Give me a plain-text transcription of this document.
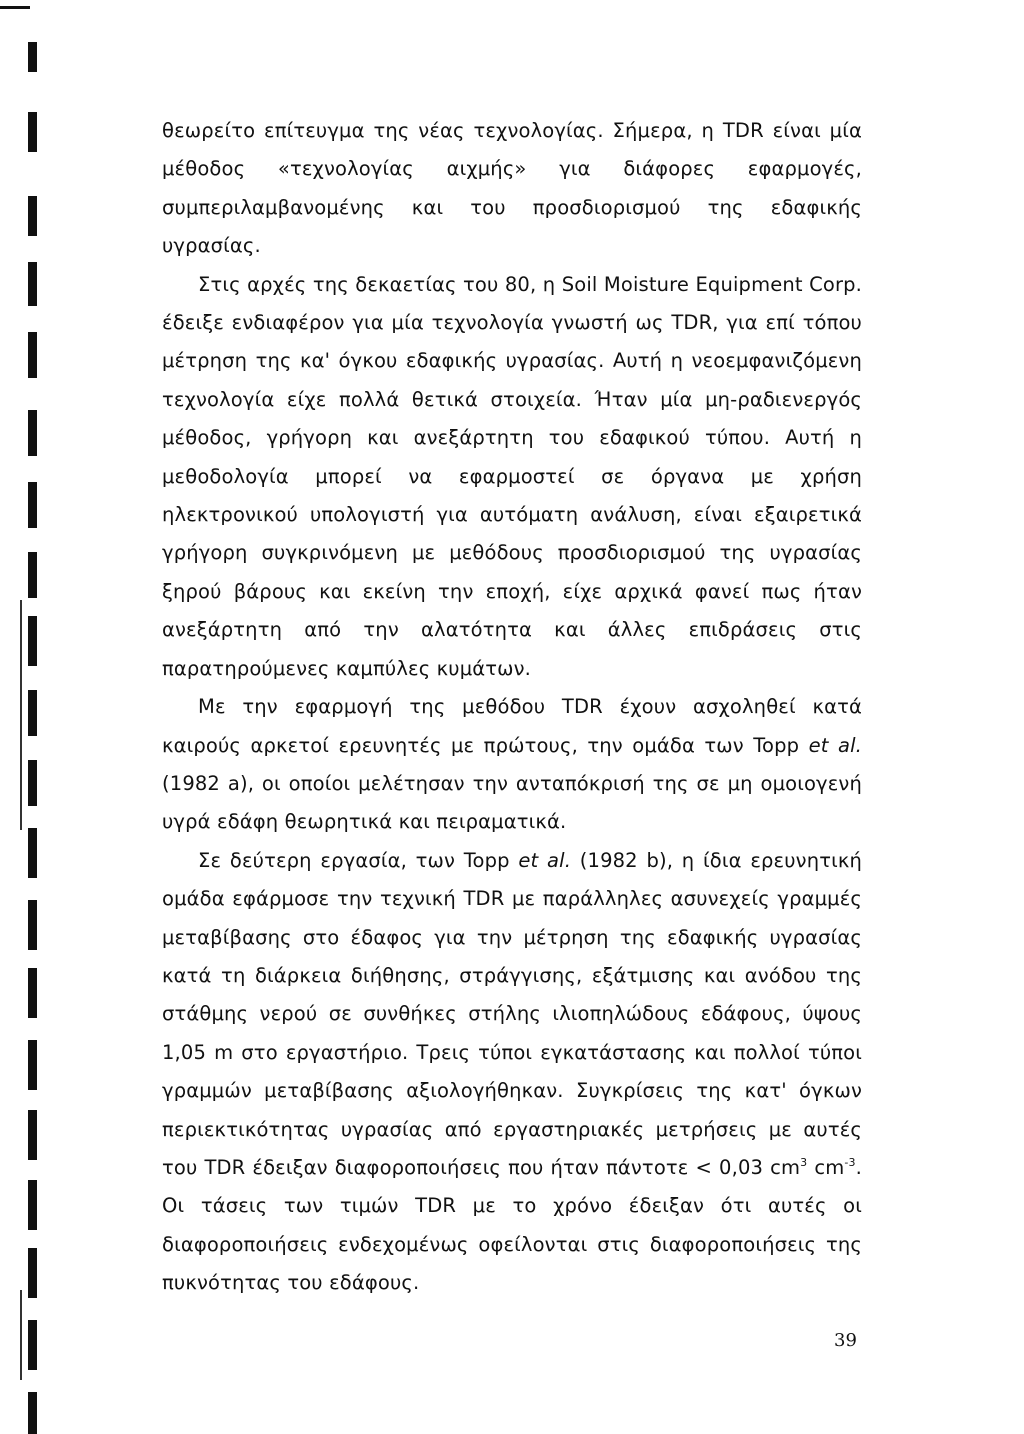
θεωρείτο επίτευγμα της νέας τεχνολογίας. Σήμερα, η TDR είναι μία μέθοδος «τεχνολογίας αιχμής» για διάφορες εφαρμογές, συμπεριλαμβανομένης και του προσδιορισμού της εδαφικής υγρασίας.

Στις αρχές της δεκαετίας του 80, η Soil Moisture Equipment Corp. έδειξε ενδιαφέρον για μία τεχνολογία γνωστή ως TDR, για επί τόπου μέτρηση της κα' όγκου εδαφικής υγρασίας. Αυτή η νεοεμφανιζόμενη τεχνολογία είχε πολλά θετικά στοιχεία. Ήταν μία μη-ραδιενεργός μέθοδος, γρήγορη και ανεξάρτητη του εδαφικού τύπου. Αυτή η μεθοδολογία μπορεί να εφαρμοστεί σε όργανα με χρήση ηλεκτρονικού υπολογιστή για αυτόματη ανάλυση, είναι εξαιρετικά γρήγορη συγκρινόμενη με μεθόδους προσδιορισμού της υγρασίας ξηρού βάρους και εκείνη την εποχή, είχε αρχικά φανεί πως ήταν ανεξάρτητη από την αλατότητα και άλλες επιδράσεις στις παρατηρούμενες καμπύλες κυμάτων.

Με την εφαρμογή της μεθόδου TDR έχουν ασχοληθεί κατά καιρούς αρκετοί ερευνητές με πρώτους, την ομάδα των Topp et al. (1982 a), οι οποίοι μελέτησαν την ανταπόκρισή της σε μη ομοιογενή υγρά εδάφη θεωρητικά και πειραματικά.

Σε δεύτερη εργασία, των Topp et al. (1982 b), η ίδια ερευνητική ομάδα εφάρμοσε την τεχνική TDR με παράλληλες ασυνεχείς γραμμές μεταβίβασης στο έδαφος για την μέτρηση της εδαφικής υγρασίας κατά τη διάρκεια διήθησης, στράγγισης, εξάτμισης και ανόδου της στάθμης νερού σε συνθήκες στήλης ιλιοπηλώδους εδάφους, ύψους 1,05 m στο εργαστήριο. Τρεις τύποι εγκατάστασης και πολλοί τύποι γραμμών μεταβίβασης αξιολογήθηκαν. Συγκρίσεις της κατ' όγκων περιεκτικότητας υγρασίας από εργαστηριακές μετρήσεις με αυτές του TDR έδειξαν διαφοροποιήσεις που ήταν πάντοτε < 0,03 $cm^3$ $cm^{-3}$. Οι τάσεις των τιμών TDR με το χρόνο έδειξαν ότι αυτές οι διαφοροποιήσεις ενδεχομένως οφείλονται στις διαφοροποιήσεις της πυκνότητας του εδάφους.

39
